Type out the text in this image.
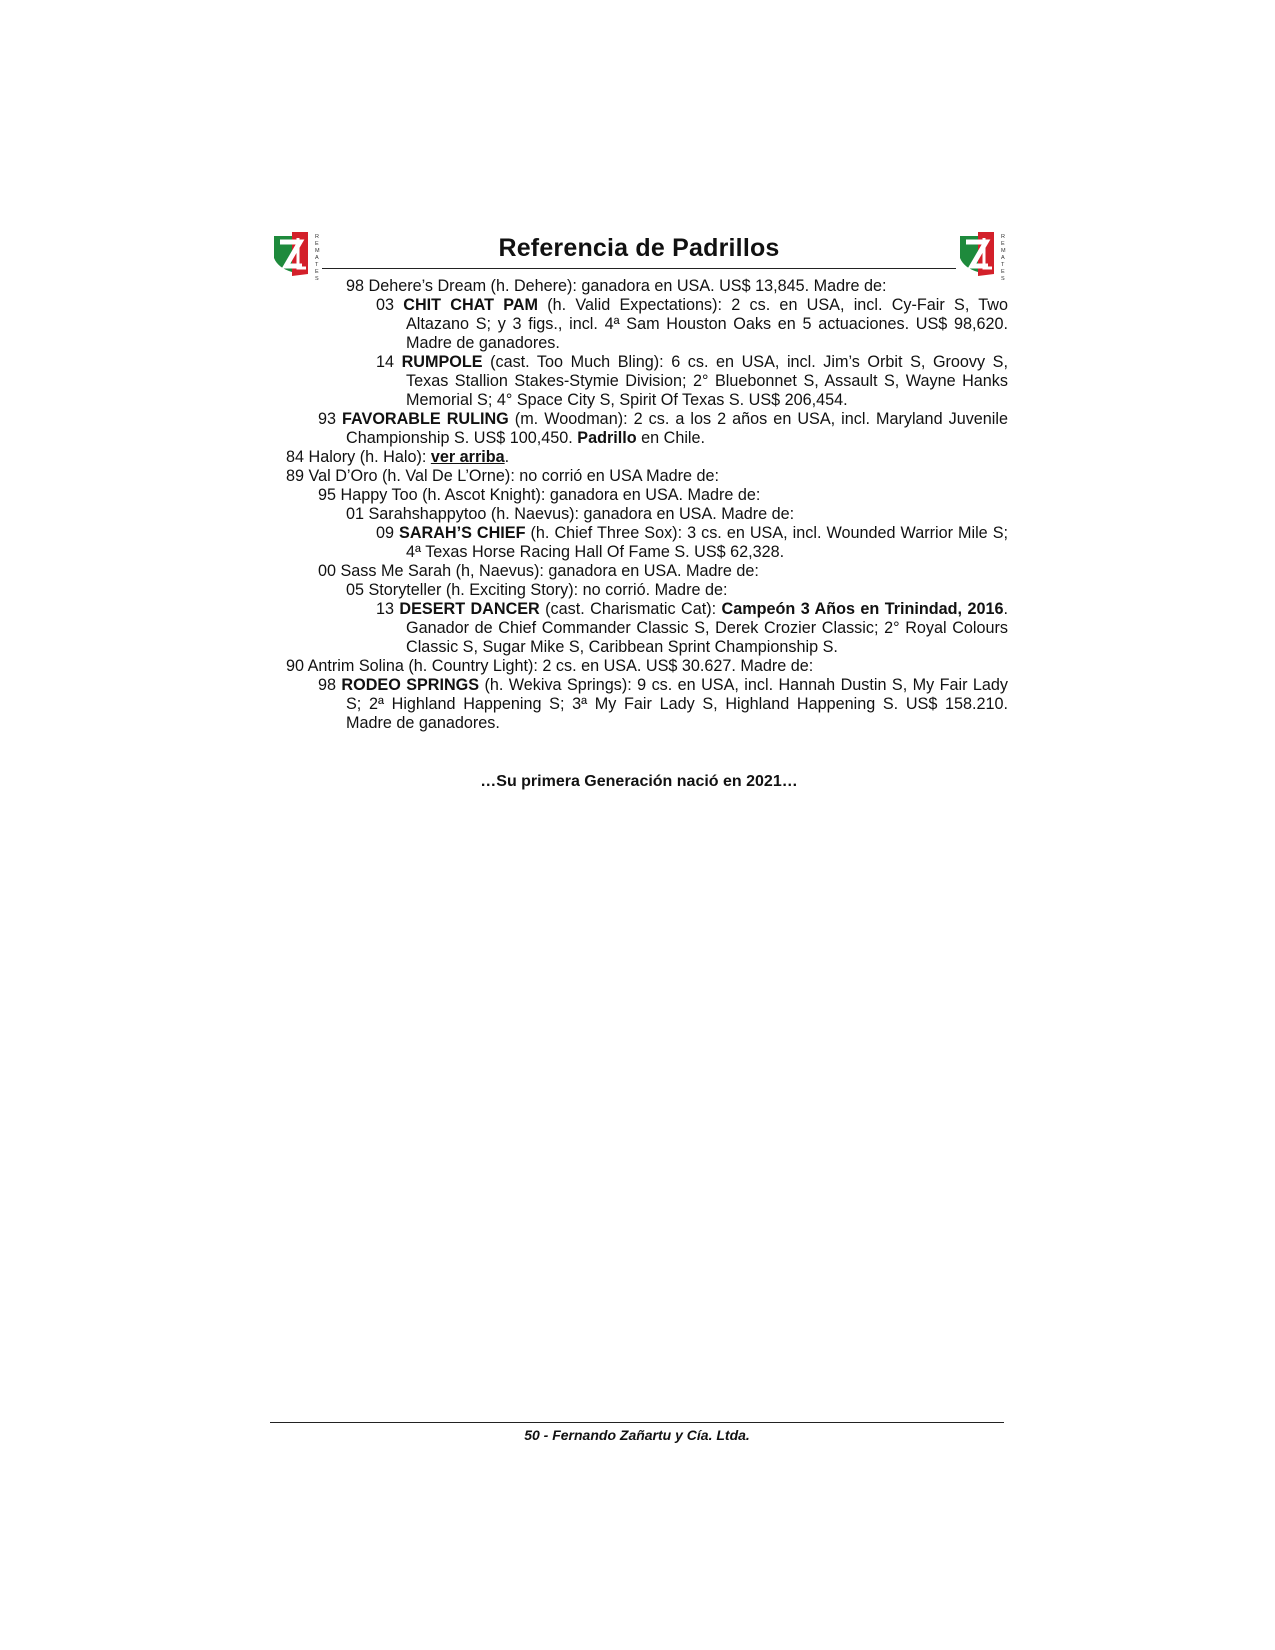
R
E
M
A
T
E
S
Referencia de Padrillos	R
E
M
A
T
E
S

98 Dehere’s Dream (h. Dehere): ganadora en USA. US$ 13,845. Madre de:

03 CHIT CHAT PAM (h. Valid Expectations): 2 cs. en USA, incl. Cy-Fair S, Two Altazano S; y 3 figs., incl. 4ª Sam Houston Oaks en 5 actuaciones. US$ 98,620. Madre de ganadores.

14 RUMPOLE (cast. Too Much Bling): 6 cs. en USA, incl. Jim’s Orbit S, Groovy S, Texas Stallion Stakes-Stymie Division; 2° Bluebonnet S, Assault S, Wayne Hanks Memorial S; 4° Space City S, Spirit Of Texas S. US$ 206,454.

93 FAVORABLE RULING (m. Woodman): 2 cs. a los 2 años en USA, incl. Maryland Juvenile Championship S. US$ 100,450. Padrillo en Chile.

84 Halory (h. Halo): ver arriba.

89 Val D’Oro (h. Val De L’Orne): no corrió en USA Madre de:

95 Happy Too (h. Ascot Knight): ganadora en USA. Madre de:

01 Sarahshappytoo (h. Naevus): ganadora en USA. Madre de:

09 SARAH’S CHIEF (h. Chief Three Sox): 3 cs. en USA, incl. Wounded Warrior Mile S; 4ª Texas Horse Racing Hall Of Fame S. US$ 62,328.

00 Sass Me Sarah (h, Naevus): ganadora en USA. Madre de:

05 Storyteller (h. Exciting Story): no corrió. Madre de:

13 DESERT DANCER (cast. Charismatic Cat): Campeón 3 Años en Trinindad, 2016. Ganador de Chief Commander Classic S, Derek Crozier Classic; 2° Royal Colours Classic S, Sugar Mike S, Caribbean Sprint Championship S.

90 Antrim Solina (h. Country Light): 2 cs. en USA. US$ 30.627. Madre de:

98 RODEO SPRINGS (h. Wekiva Springs): 9 cs. en USA, incl. Hannah Dustin S, My Fair Lady S; 2ª Highland Happening S; 3ª My Fair Lady S, Highland Happening S. US$ 158.210. Madre de ganadores.

…Su primera Generación nació en 2021…
50 - Fernando Zañartu y Cía. Ltda.
